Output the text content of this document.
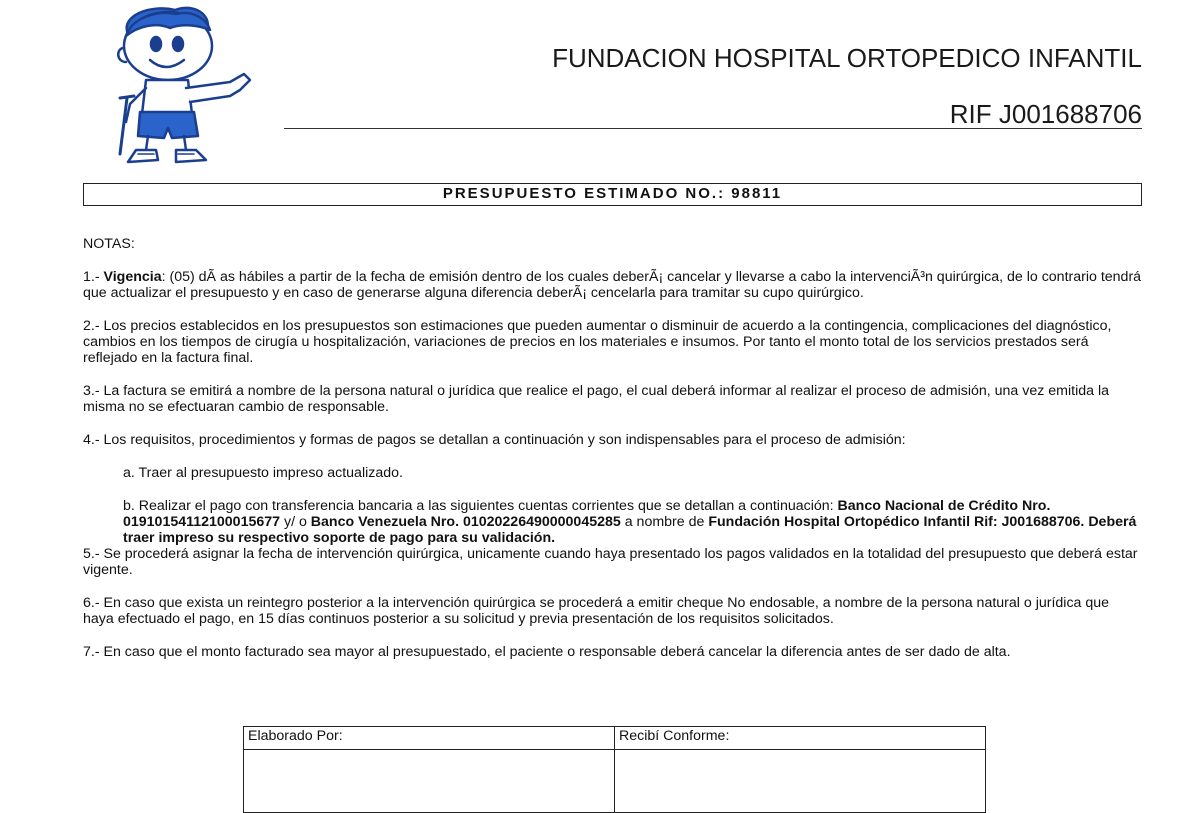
FUNDACION HOSPITAL ORTOPEDICO INFANTIL
RIF J001688706
PRESUPUESTO ESTIMADO NO.: 98811

NOTAS:

1.- Vigencia: (05) dÃ as hábiles a partir de la fecha de emisión dentro de los cuales deberÃ¡ cancelar y llevarse a cabo la intervenciÃ³n quirúrgica, de lo contrario tendrá que actualizar el presupuesto y en caso de generarse alguna diferencia deberÃ¡ cencelarla para tramitar su cupo quirúrgico.

2.- Los precios establecidos en los presupuestos son estimaciones que pueden aumentar o disminuir de acuerdo a la contingencia, complicaciones del diagnóstico, cambios en los tiempos de cirugía u hospitalización, variaciones de precios en los materiales e insumos. Por tanto el monto total de los servicios prestados será reflejado en la factura final.

3.- La factura se emitirá a nombre de la persona natural o jurídica que realice el pago, el cual deberá informar al realizar el proceso de admisión, una vez emitida la misma no se efectuaran cambio de responsable.

4.- Los requisitos, procedimientos y formas de pagos se detallan a continuación y son indispensables para el proceso de admisión:

a. Traer al presupuesto impreso actualizado.

b. Realizar el pago con transferencia bancaria a las siguientes cuentas corrientes que se detallan a continuación: Banco Nacional de Crédito Nro. 01910154112100015677 y/ o Banco Venezuela Nro. 01020226490000045285 a nombre de Fundación Hospital Ortopédico Infantil Rif: J001688706. Deberá traer impreso su respectivo soporte de pago para su validación.

5.- Se procederá asignar la fecha de intervención quirúrgica, unicamente cuando haya presentado los pagos validados en la totalidad del presupuesto que deberá estar vigente.

6.- En caso que exista un reintegro posterior a la intervención quirúrgica se procederá a emitir cheque No endosable, a nombre de la persona natural o jurídica que haya efectuado el pago, en 15 días continuos posterior a su solicitud y previa presentación de los requisitos solicitados.

7.- En caso que el monto facturado sea mayor al presupuestado, el paciente o responsable deberá cancelar la diferencia antes de ser dado de alta.

Elaborado Por:	Recibí Conforme:
